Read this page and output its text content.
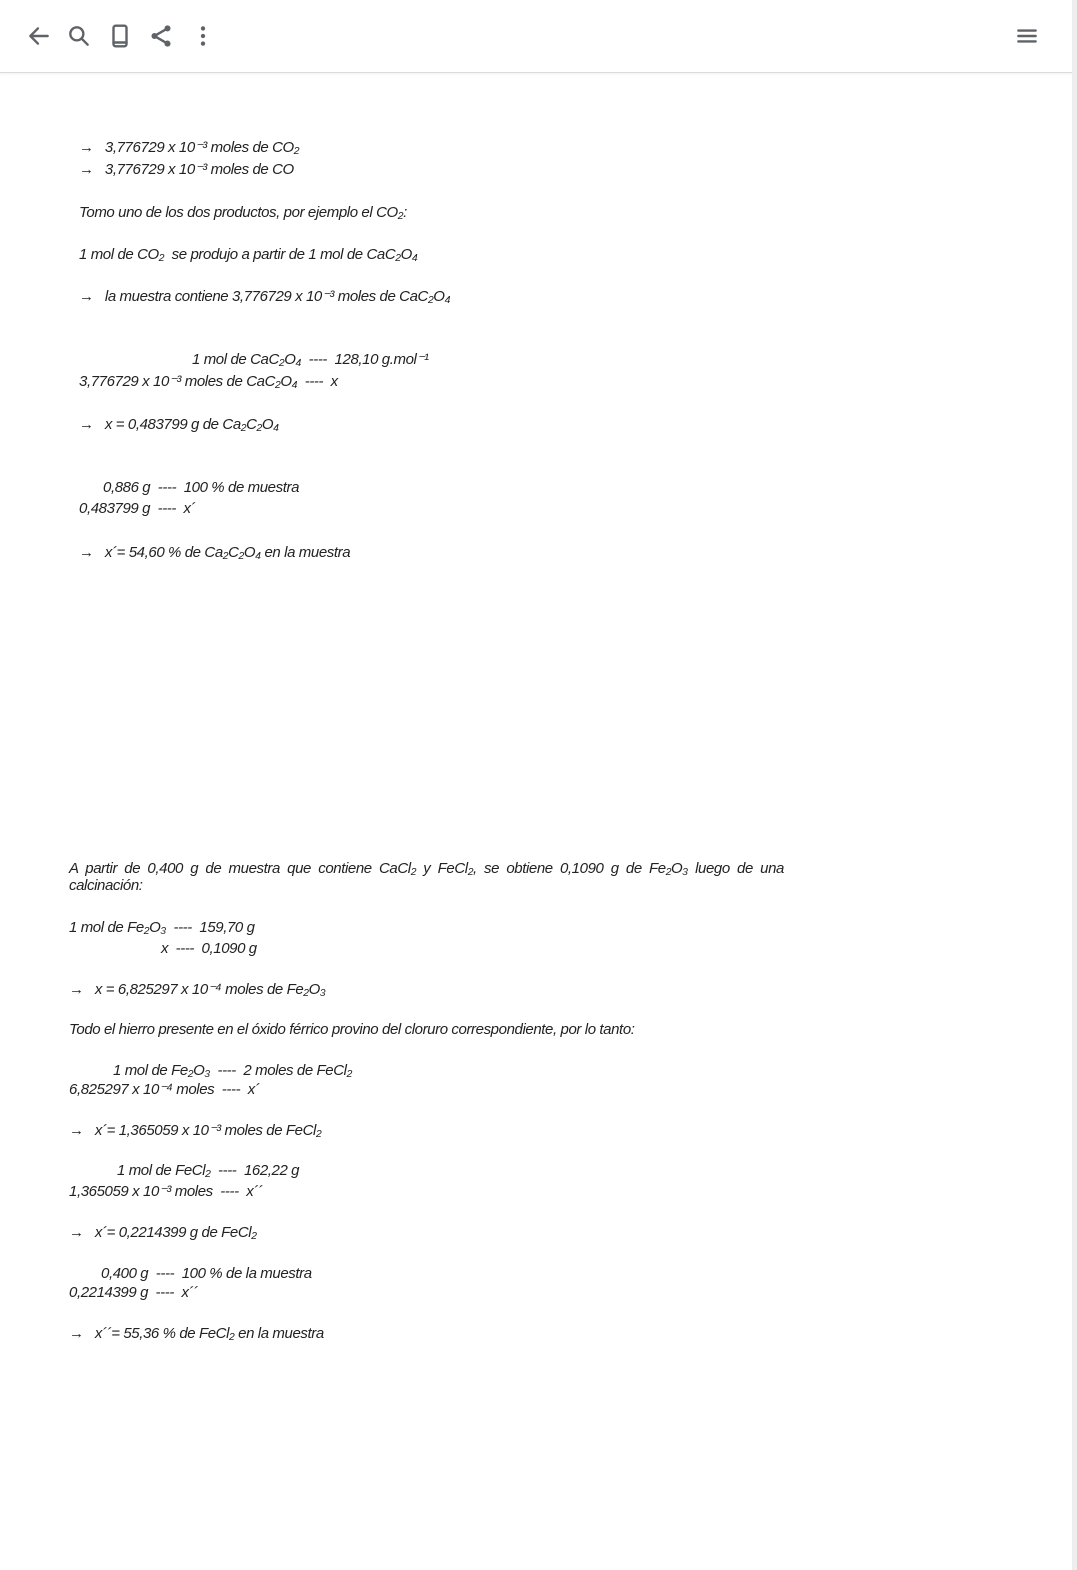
→   3,776729 x 10⁻³ moles de CO₂
→   3,776729 x 10⁻³ moles de CO
Tomo uno de los dos productos, por ejemplo el CO₂:
1 mol de CO₂  se produjo a partir de 1 mol de CaC₂O₄
→   la muestra contiene 3,776729 x 10⁻³ moles de CaC₂O₄
1 mol de CaC₂O₄  ----  128,10 g.mol⁻¹
3,776729 x 10⁻³ moles de CaC₂O₄  ----  x
→   x = 0,483799 g de Ca₂C₂O₄
0,886 g  ----  100 % de muestra
0,483799 g  ----  x´
→   x´= 54,60 % de Ca₂C₂O₄ en la muestra
A partir de 0,400 g de muestra que contiene CaCl₂ y FeCl₂, se obtiene 0,1090 g de Fe₂O₃ luego de una calcinación:
1 mol de Fe₂O₃  ----  159,70 g
x  ----  0,1090 g
→   x = 6,825297 x 10⁻⁴ moles de Fe₂O₃
Todo el hierro presente en el óxido férrico provino del cloruro correspondiente, por lo tanto:
1 mol de Fe₂O₃  ----  2 moles de FeCl₂
6,825297 x 10⁻⁴ moles  ----  x´
→   x´= 1,365059 x 10⁻³ moles de FeCl₂
1 mol de FeCl₂  ----  162,22 g
1,365059 x 10⁻³ moles  ----  x´´
→   x´= 0,2214399 g de FeCl₂
0,400 g  ----  100 % de la muestra
0,2214399 g  ----  x´´
→   x´´= 55,36 % de FeCl₂ en la muestra
